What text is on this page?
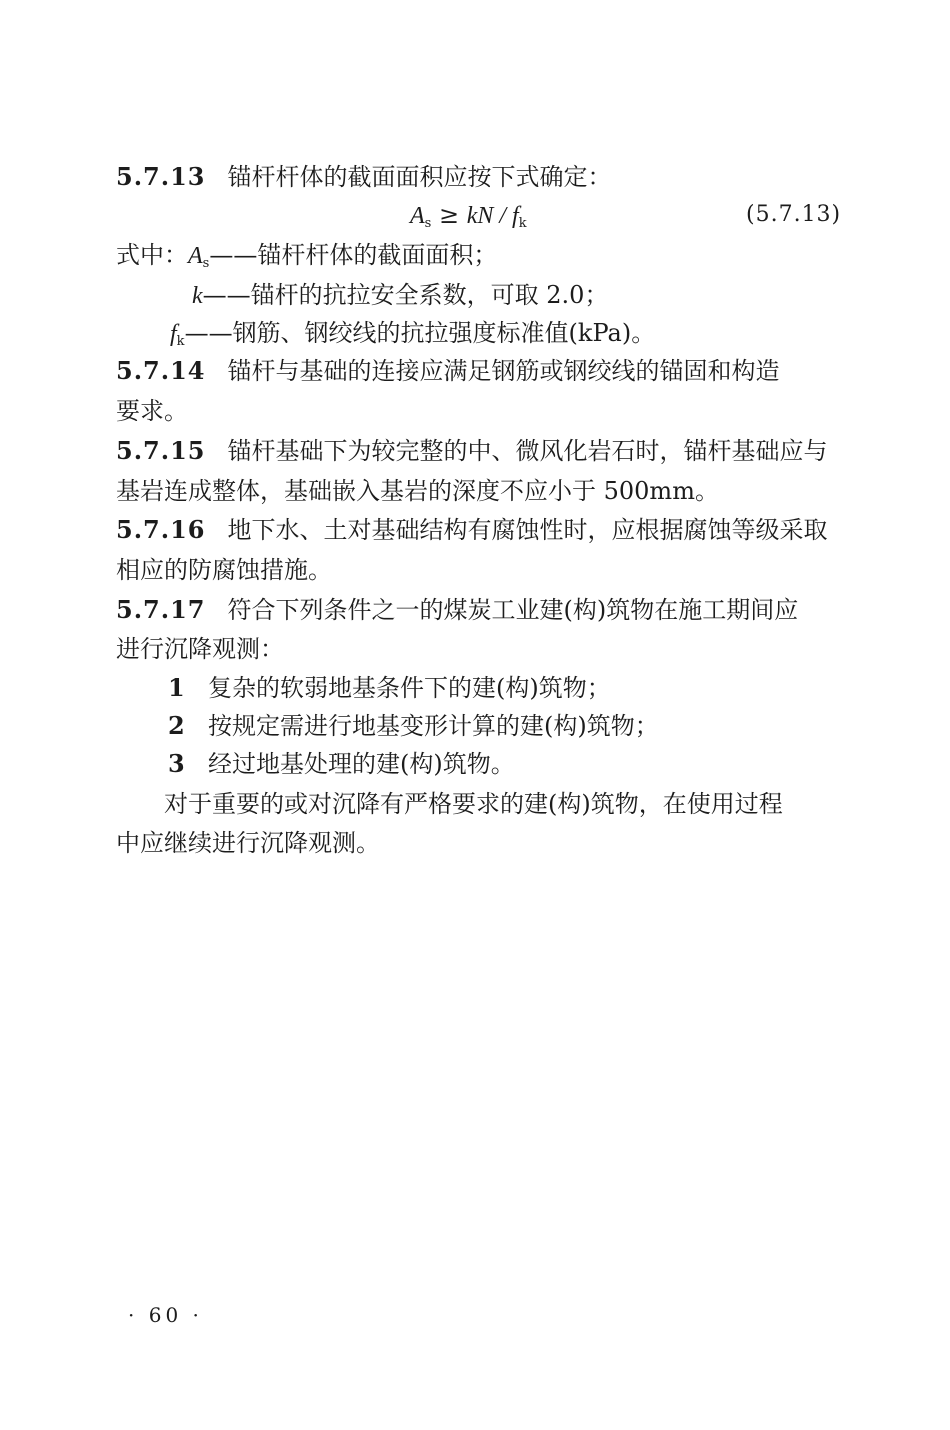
5.7.13 锚杆杆体的截面面积应按下式确定：
$A_s$ ≥ kN / $f_k$	(5.7.13)
式中：$A_s——$锚杆杆体的截面面积；
k——锚杆的抗拉安全系数，可取 2.0；
$f_k——$钢筋、钢绞线的抗拉强度标准值(kPa)。
5.7.14 锚杆与基础的连接应满足钢筋或钢绞线的锚固和构造
要求。
5.7.15 锚杆基础下为较完整的中、微风化岩石时，锚杆基础应与
基岩连成整体，基础嵌入基岩的深度不应小于 500mm。
5.7.16 地下水、土对基础结构有腐蚀性时，应根据腐蚀等级采取
相应的防腐蚀措施。
5.7.17 符合下列条件之一的煤炭工业建(构)筑物在施工期间应
进行沉降观测：
1 复杂的软弱地基条件下的建(构)筑物；
2 按规定需进行地基变形计算的建(构)筑物；
3 经过地基处理的建(构)筑物。
对于重要的或对沉降有严格要求的建(构)筑物，在使用过程
中应继续进行沉降观测。
· 60 ·
